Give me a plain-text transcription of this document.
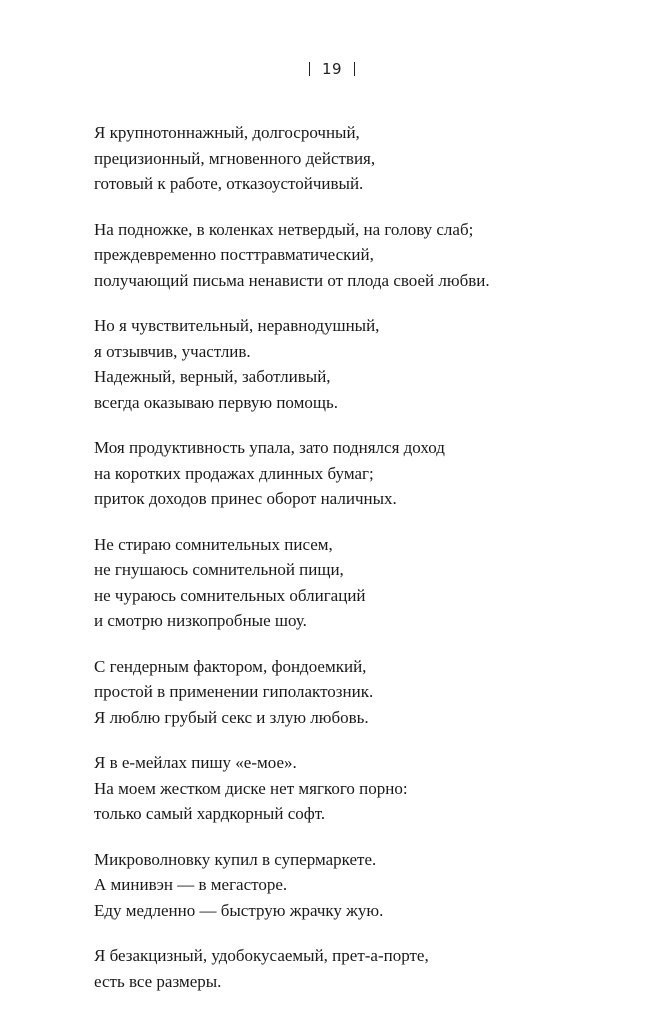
19
Я крупнотоннажный, долгосрочный,
прецизионный, мгновенного действия,
готовый к работе, отказоустойчивый.
На подножке, в коленках нетвердый, на голову слаб;
преждевременно посттравматический,
получающий письма ненависти от плода своей любви.
Но я чувствительный, неравнодушный,
я отзывчив, участлив.
Надежный, верный, заботливый,
всегда оказываю первую помощь.
Моя продуктивность упала, зато поднялся доход
на коротких продажах длинных бумаг;
приток доходов принес оборот наличных.
Не стираю сомнительных писем,
не гнушаюсь сомнительной пищи,
не чураюсь сомнительных облигаций
и смотрю низкопробные шоу.
С гендерным фактором, фондоемкий,
простой в применении гиполактозник.
Я люблю грубый секс и злую любовь.
Я в е-мейлах пишу «е-мое».
На моем жестком диске нет мягкого порно:
только самый хардкорный софт.
Микроволновку купил в супермаркете.
А минивэн — в мегасторе.
Еду медленно — быструю жрачку жую.
Я безакцизный, удобокусаемый, прет-а-порте,
есть все размеры.
